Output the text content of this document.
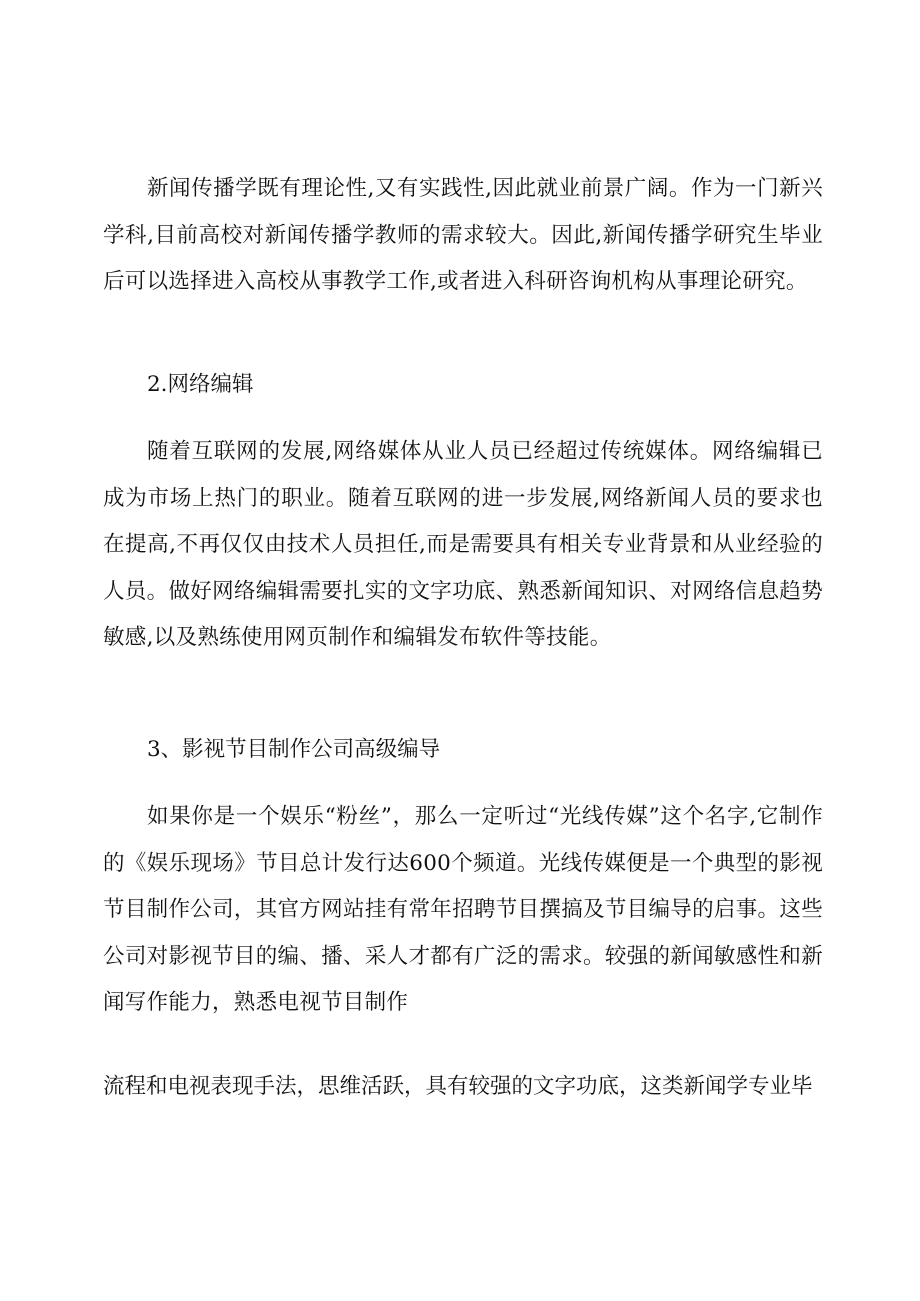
新闻传播学既有理论性,又有实践性,因此就业前景广阔。作为一门新兴学科,目前高校对新闻传播学教师的需求较大。因此,新闻传播学研究生毕业后可以选择进入高校从事教学工作,或者进入科研咨询机构从事理论研究。

2.网络编辑

随着互联网的发展,网络媒体从业人员已经超过传统媒体。网络编辑已成为市场上热门的职业。随着互联网的进一步发展,网络新闻人员的要求也在提高,不再仅仅由技术人员担任,而是需要具有相关专业背景和从业经验的人员。做好网络编辑需要扎实的文字功底、熟悉新闻知识、对网络信息趋势敏感,以及熟练使用网页制作和编辑发布软件等技能。

3、影视节目制作公司高级编导

如果你是一个娱乐“粉丝”，那么一定听过“光线传媒”这个名字,它制作的《娱乐现场》节目总计发行达600个频道。光线传媒便是一个典型的影视节目制作公司，其官方网站挂有常年招聘节目撰搞及节目编导的启事。这些公司对影视节目的编、播、采人才都有广泛的需求。较强的新闻敏感性和新闻写作能力，熟悉电视节目制作

流程和电视表现手法，思维活跃，具有较强的文字功底，这类新闻学专业毕
